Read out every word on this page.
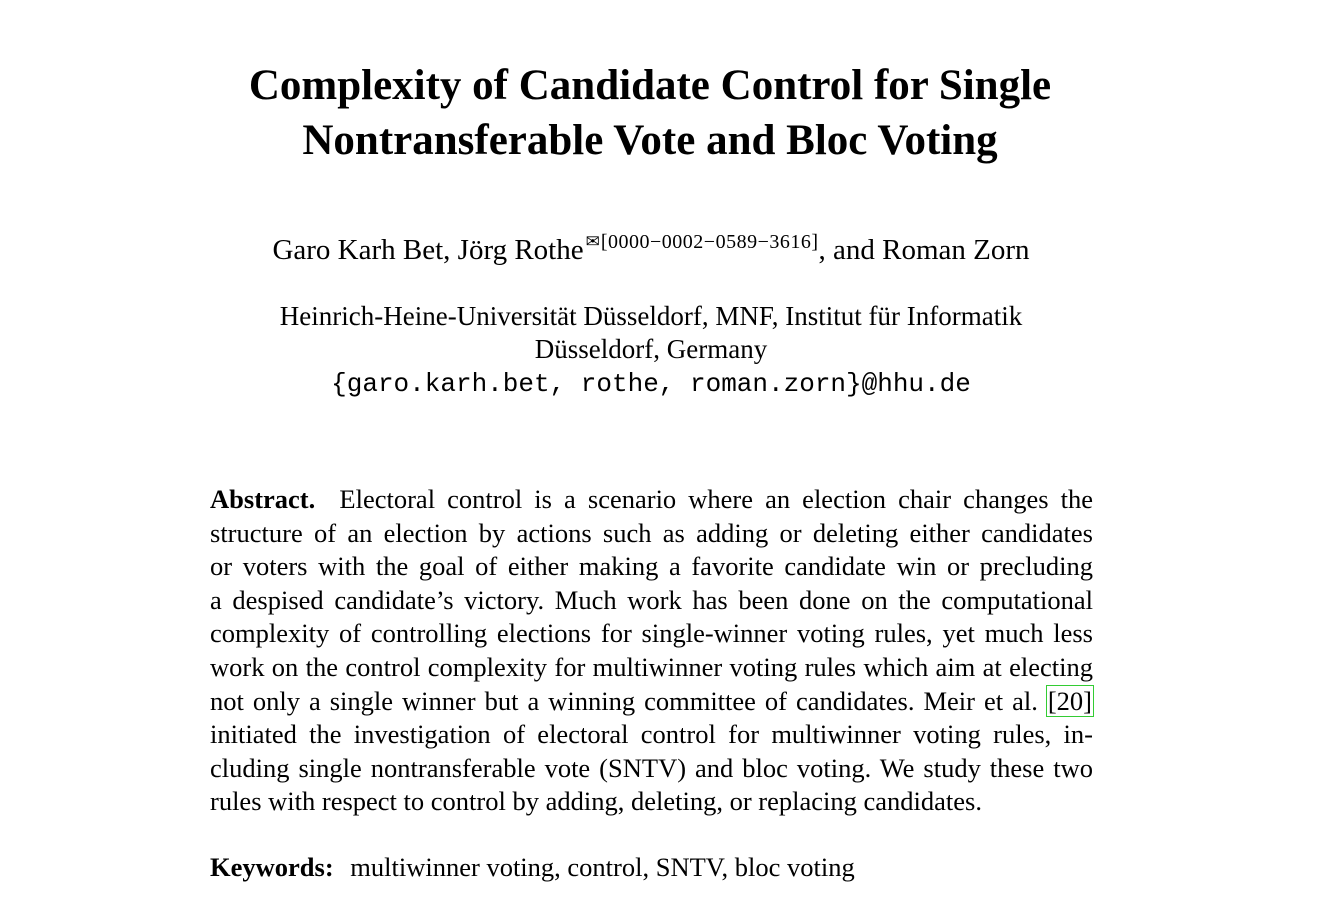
Complexity of Candidate Control for Single
Nontransferable Vote and Bloc Voting
Garo Karh Bet, Jörg Rothe $^{✉[0000-0002-0589-3616]}$, and Roman Zorn
Heinrich-Heine-Universität Düsseldorf, MNF, Institut für Informatik
Düsseldorf, Germany
{garo.karh.bet, rothe, roman.zorn}@hhu.de
Abstract. Electoral control is a scenario where an election chair changes the
structure of an election by actions such as adding or deleting either candidates
or voters with the goal of either making a favorite candidate win or precluding
a despised candidate’s victory. Much work has been done on the computational
complexity of controlling elections for single-winner voting rules, yet much less
work on the control complexity for multiwinner voting rules which aim at electing
not only a single winner but a winning committee of candidates. Meir et al. [20]
initiated the investigation of electoral control for multiwinner voting rules, in-
cluding single nontransferable vote (SNTV) and bloc voting. We study these two
rules with respect to control by adding, deleting, or replacing candidates.
Keywords: multiwinner voting, control, SNTV, bloc voting
